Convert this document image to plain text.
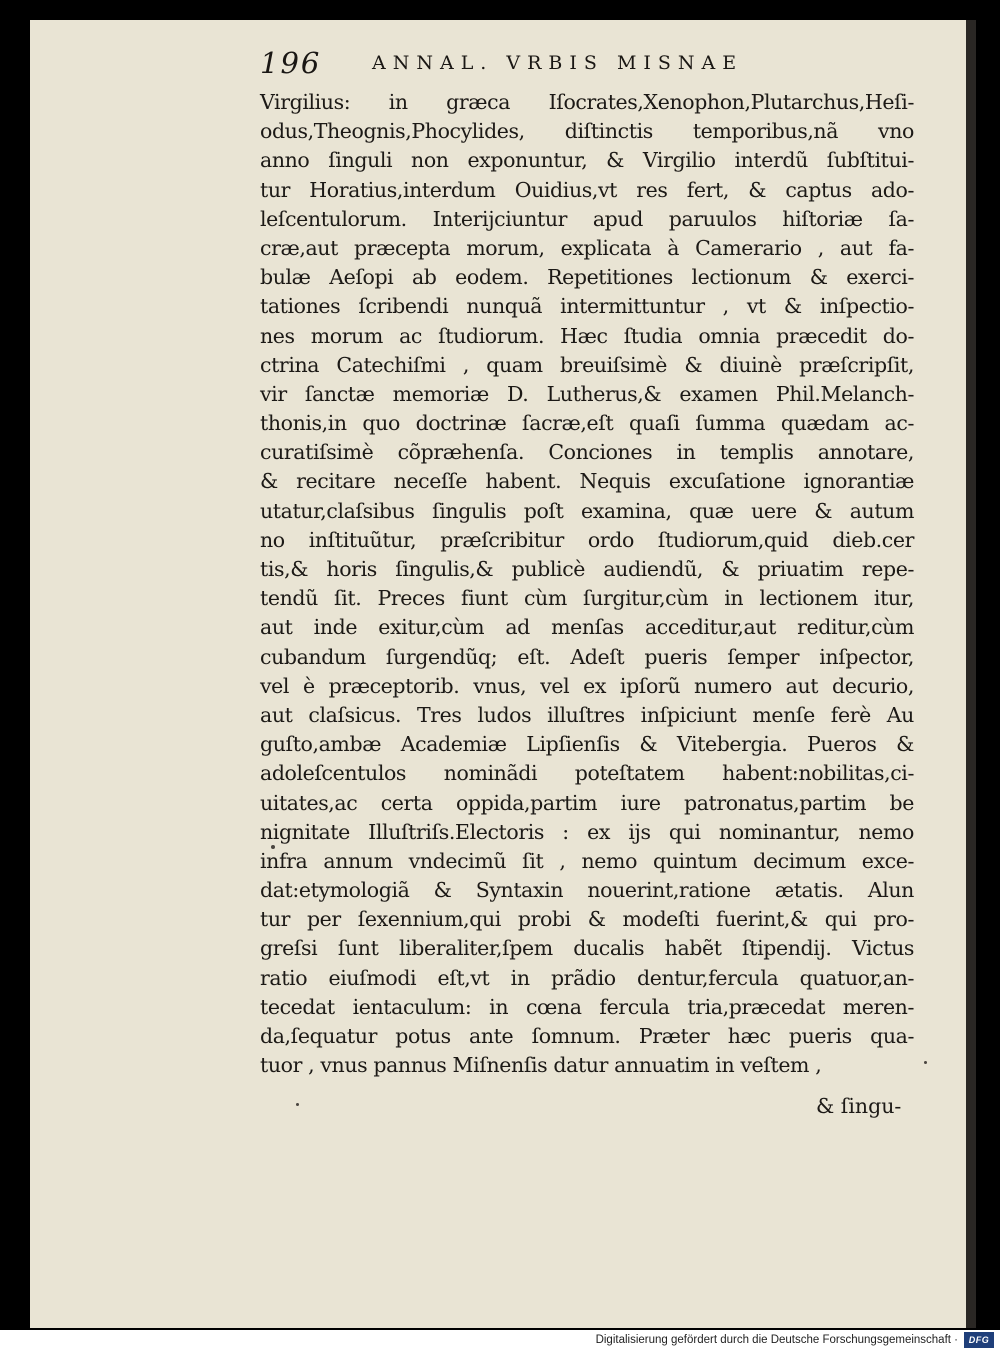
196	ANNAL. VRBIS MISNAE
Virgilius: in græca Iſocrates,Xenophon,Plutarchus,Heſi-
odus,Theognis,Phocylides, diſtinctis temporibus,nã vno
anno ſinguli non exponuntur, & Virgilio interdũ ſubſtitui-
tur Horatius,interdum Ouidius,vt res fert, & captus ado-
leſcentulorum. Interijciuntur apud paruulos hiſtoriæ ſa-
cræ,aut præcepta morum, explicata à Camerario , aut fa-
bulæ Aeſopi ab eodem. Repetitiones lectionum & exerci-
tationes ſcribendi nunquã intermittuntur , vt & inſpectio-
nes morum ac ſtudiorum. Hæc ſtudia omnia præcedit do-
ctrina Catechiſmi , quam breuiſsimè & diuinè præſcripſit,
vir ſanctæ memoriæ D. Lutherus,& examen Phil.Melanch-
thonis,in quo doctrinæ ſacræ,eſt quaſi ſumma quædam ac-
curatiſsimè cõpræhenſa. Conciones in templis annotare,
& recitare neceſſe habent. Nequis excuſatione ignorantiæ
utatur,claſsibus ſingulis poſt examina, quæ uere & autum
no inſtituũtur, præſcribitur ordo ſtudiorum,quid dieb.cer
tis,& horis ſingulis,& publicè audiendũ, & priuatim repe-
tendũ ſit. Preces fiunt cùm ſurgitur,cùm in lectionem itur,
aut inde exitur,cùm ad menſas acceditur,aut reditur,cùm
cubandum ſurgendũq; eſt. Adeſt pueris ſemper inſpector,
vel è præceptorib. vnus, vel ex ipſorũ numero aut decurio,
aut claſsicus. Tres ludos illuſtres inſpiciunt menſe ferè Au
guſto,ambæ Academiæ Lipſienſis & Vitebergia. Pueros &
adoleſcentulos nominãdi poteſtatem habent:nobilitas,ci-
uitates,ac certa oppida,partim iure patronatus,partim be
nignitate Illuſtriſs.Electoris : ex ijs qui nominantur, nemo
infra annum vndecimũ ſit , nemo quintum decimum exce-
dat:etymologiã & Syntaxin nouerint,ratione ætatis. Alun
tur per ſexennium,qui probi & modeſti fuerint,& qui pro-
greſsi ſunt liberaliter,ſpem ducalis habẽt ſtipendij. Victus
ratio eiuſmodi eſt,vt in prãdio dentur,fercula quatuor,an-
tecedat ientaculum: in cœna fercula tria,præcedat meren-
da,ſequatur potus ante ſomnum. Præter hæc pueris qua-
tuor , vnus pannus Miſnenſis datur annuatim in veſtem ,
& ſingu-
Digitalisierung gefördert durch die Deutsche Forschungsgemeinschaft ·	DFG
